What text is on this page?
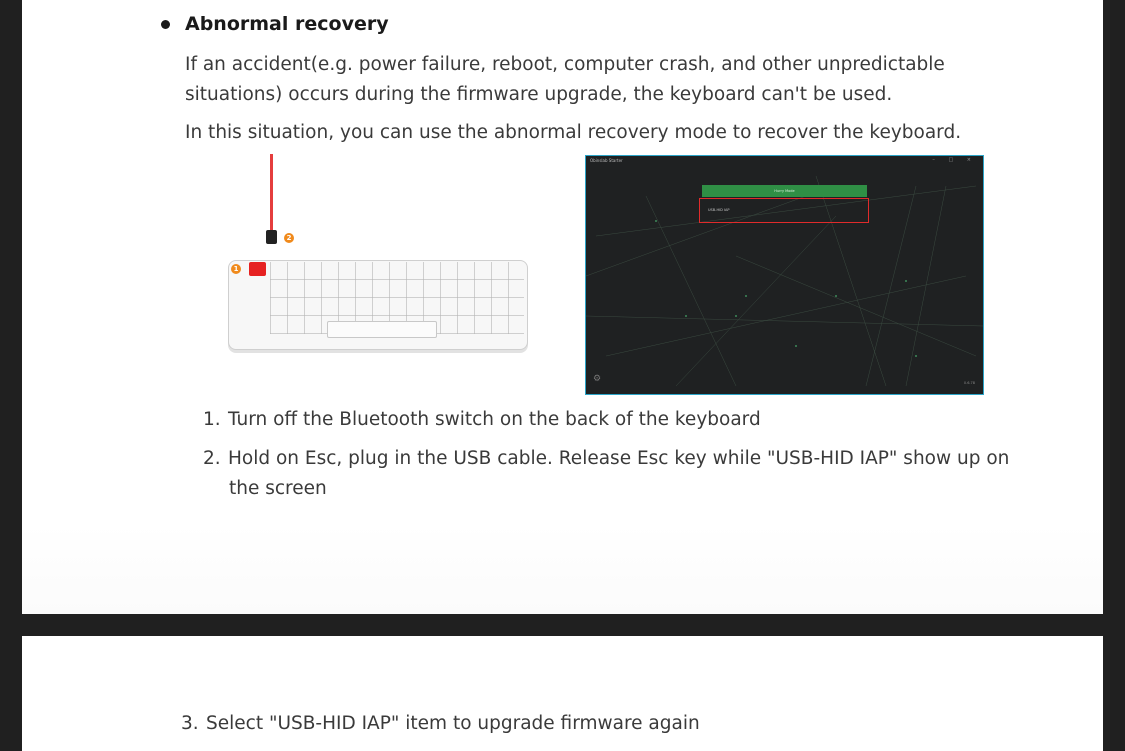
Abnormal recovery
If an accident(e.g. power failure, reboot, computer crash, and other unpredictable
situations) occurs during the firmware upgrade, the keyboard can't be used.
In this situation, you can use the abnormal recovery mode to recover the keyboard.
2
1
Obinslab Starter	– □ ×
Hurry Mode
USB-HID IAP
⚙	0.6.78
1. Turn off the Bluetooth switch on the back of the keyboard
2. Hold on Esc, plug in the USB cable. Release Esc key while "USB-HID IAP" show up on
the screen
3. Select "USB-HID IAP" item to upgrade firmware again
